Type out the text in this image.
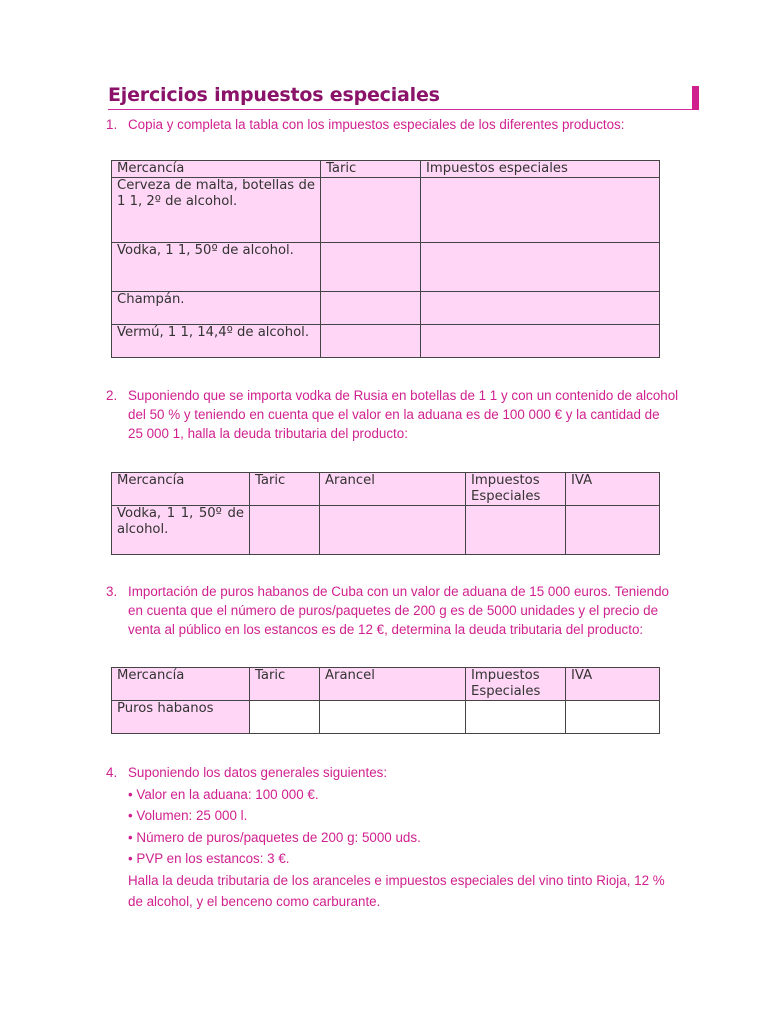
Ejercicios impuestos especiales
1. Copia y completa la tabla con los impuestos especiales de los diferentes productos:
Mercancía	Taric	Impuestos especiales
Cerveza de malta, botellas de 1 1, 2º de alcohol.		
Vodka, 1 1, 50º de alcohol.		
Champán.		
Vermú, 1 1, 14,4º de alcohol.		
2. Suponiendo que se importa vodka de Rusia en botellas de 1 1 y con un contenido de alcohol
del 50 % y teniendo en cuenta que el valor en la aduana es de 100 000 € y la cantidad de
25 000 1, halla la deuda tributaria del producto:
Mercancía	Taric	Arancel	Impuestos Especiales	IVA
Vodka, 1 1, 50º de alcohol.				
3. Importación de puros habanos de Cuba con un valor de aduana de 15 000 euros. Teniendo
en cuenta que el número de puros/paquetes de 200 g es de 5000 unidades y el precio de
venta al público en los estancos es de 12 €, determina la deuda tributaria del producto:
Mercancía	Taric	Arancel	Impuestos Especiales	IVA
Puros habanos				
4. Suponiendo los datos generales siguientes:
• Valor en la aduana: 100 000 €.
• Volumen: 25 000 l.
• Número de puros/paquetes de 200 g: 5000 uds.
• PVP en los estancos: 3 €.
Halla la deuda tributaria de los aranceles e impuestos especiales del vino tinto Rioja, 12 %
de alcohol, y el benceno como carburante.
